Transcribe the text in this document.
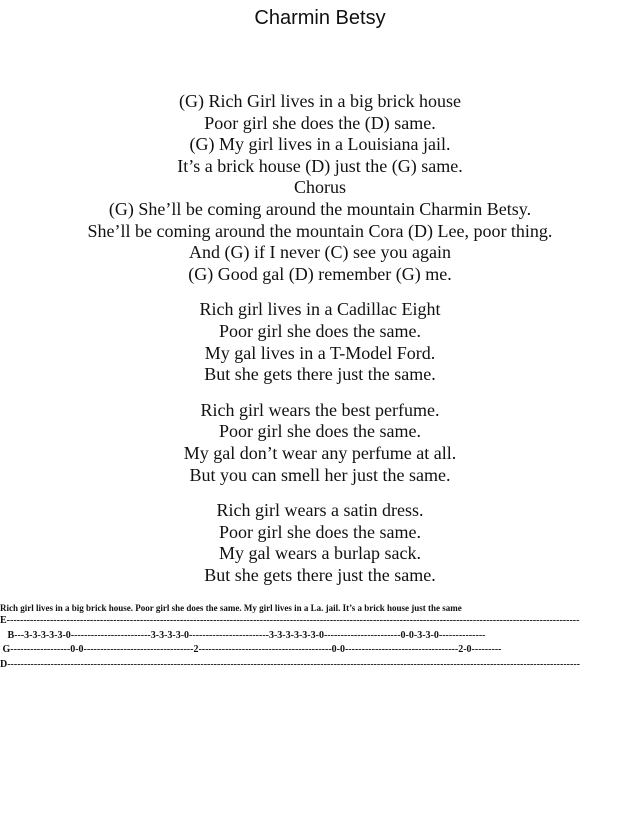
Charmin Betsy
(G) Rich Girl lives in a big brick house
Poor girl she does the (D) same.
(G) My girl lives in a Louisiana jail.
It’s a brick house (D) just the (G) same.
Chorus
(G) She’ll be coming around the mountain Charmin Betsy.
She’ll be coming around the mountain Cora (D) Lee, poor thing.
And (G) if I never (C) see you again
(G) Good gal (D) remember (G) me.
Rich girl lives in a Cadillac Eight
Poor girl she does the same.
My gal lives in a T-Model Ford.
But she gets there just the same.
Rich girl wears the best perfume.
Poor girl she does the same.
My gal don’t wear any perfume at all.
But you can smell her just the same.
Rich girl wears a satin dress.
Poor girl she does the same.
My gal wears a burlap sack.
But she gets there just the same.
Rich girl lives in a big brick house. Poor girl she does the same. My girl lives in a La. jail. It’s a brick house just the same
E----------------------------------------------------------------------------------------------------------------------------------------------------------------------------
B---3-3-3-3-3-0------------------------3-3-3-3-0------------------------3-3-3-3-3-3-0-----------------------0-0-3-3-0--------------
G------------------0-0---------------------------------2----------------------------------------0-0----------------------------------2-0---------
D----------------------------------------------------------------------------------------------------------------------------------------------------------------------------
